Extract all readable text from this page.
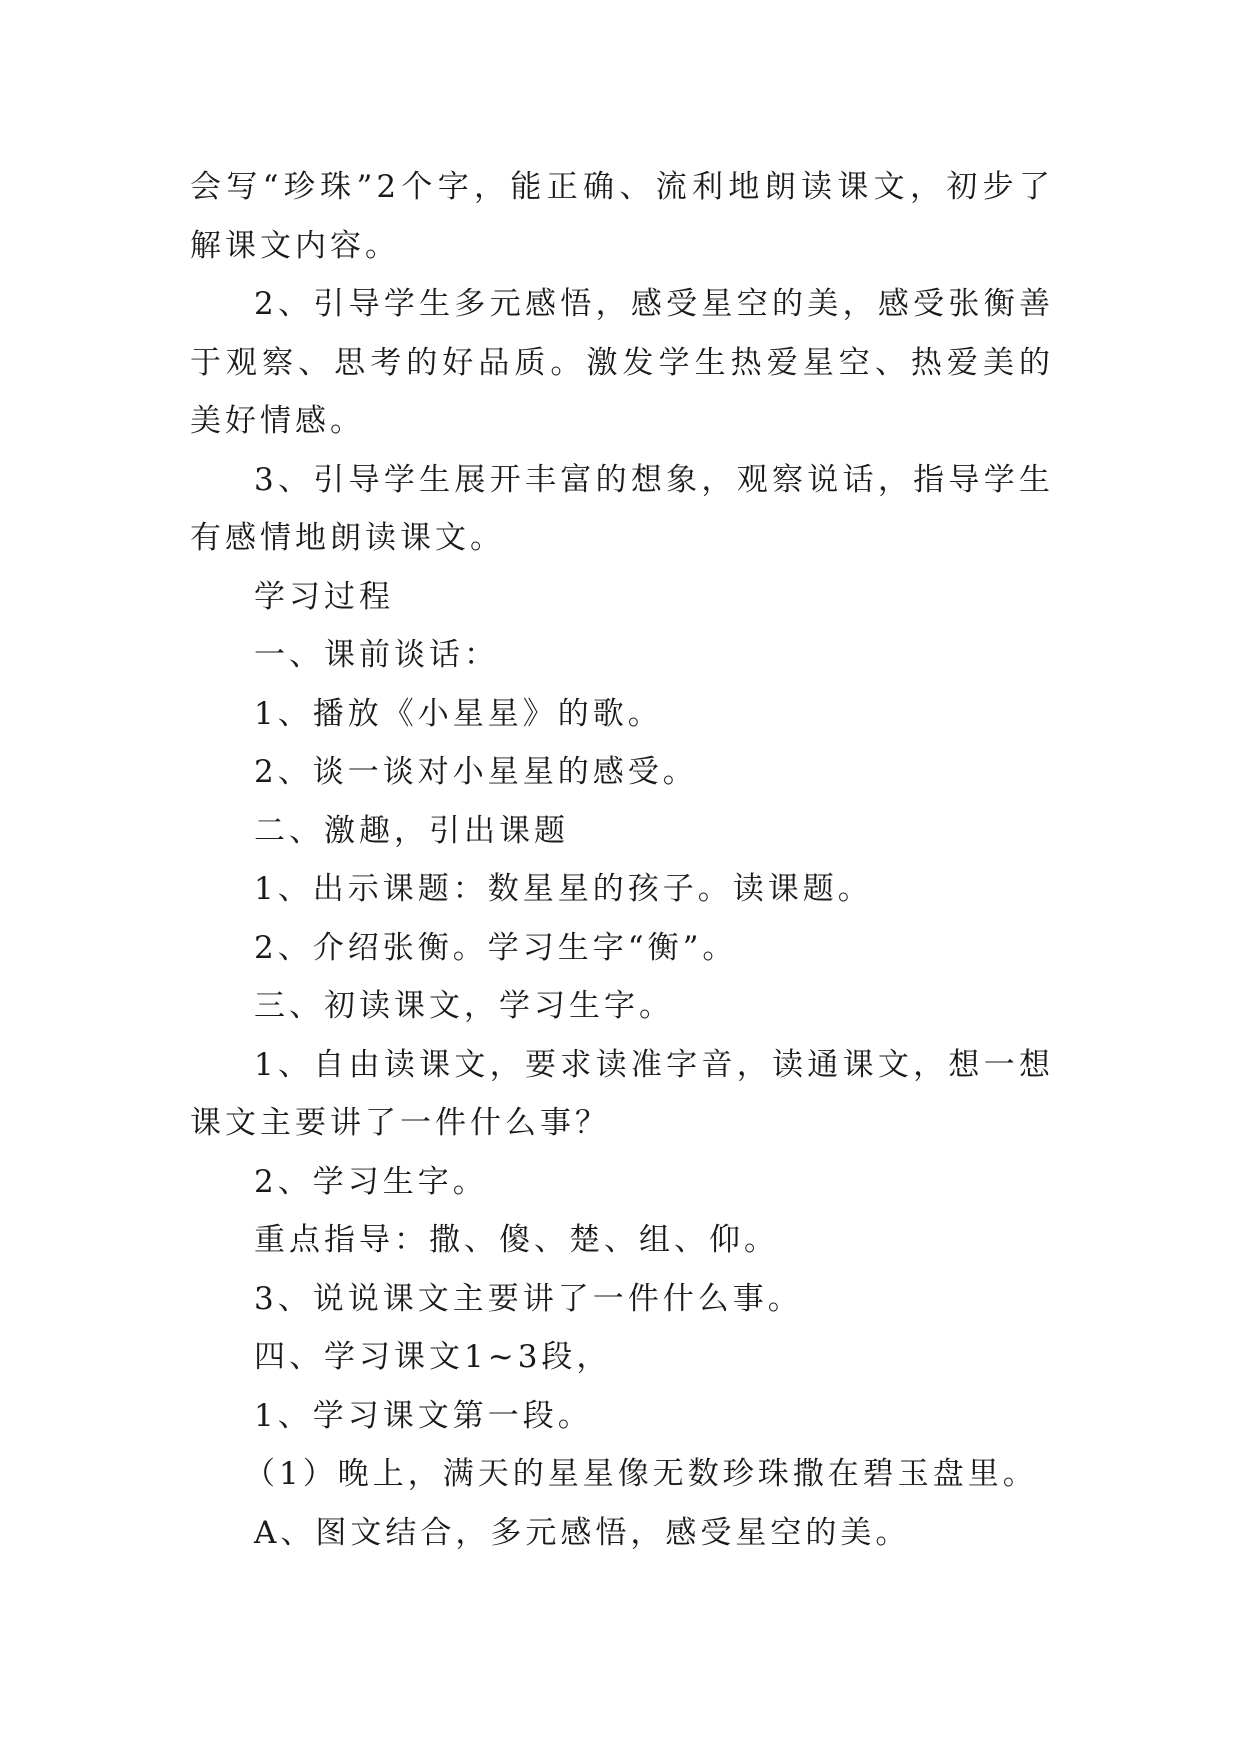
会写“珍珠”2个字，能正确、流利地朗读课文，初步了解课文内容。

2、引导学生多元感悟，感受星空的美，感受张衡善于观察、思考的好品质。激发学生热爱星空、热爱美的美好情感。

3、引导学生展开丰富的想象，观察说话，指导学生有感情地朗读课文。

学习过程

一、课前谈话：

1、播放《小星星》的歌。

2、谈一谈对小星星的感受。

二、激趣，引出课题

1、出示课题：数星星的孩子。读课题。

2、介绍张衡。学习生字“衡”。

三、初读课文，学习生字。

1、自由读课文，要求读准字音，读通课文，想一想课文主要讲了一件什么事？

2、学习生字。

重点指导：撒、傻、楚、组、仰。

3、说说课文主要讲了一件什么事。

四、学习课文1~3段，

1、学习课文第一段。

（1）晚上，满天的星星像无数珍珠撒在碧玉盘里。

A、图文结合，多元感悟，感受星空的美。
